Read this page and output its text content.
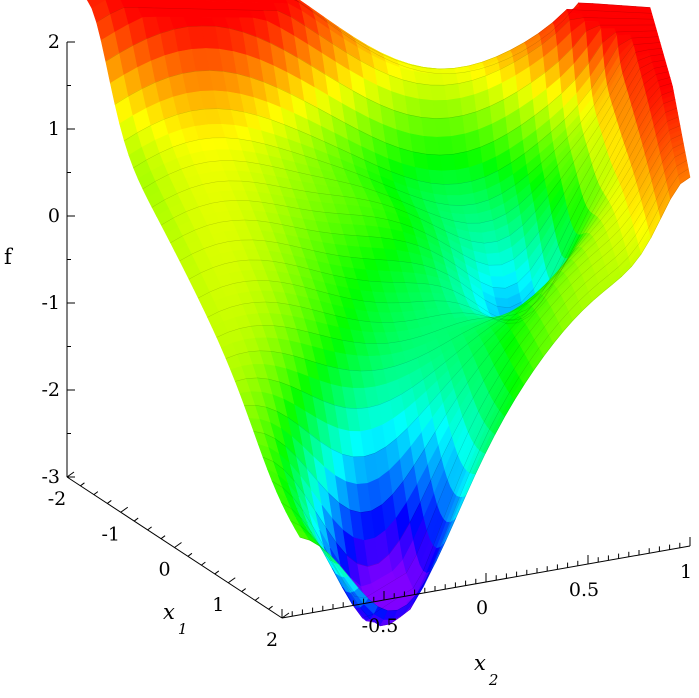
2
1
0
-1
-2
-3
-2
-1
0
1
2
-0.5
0
0.5
1
f
$x_1$
$x_2$
